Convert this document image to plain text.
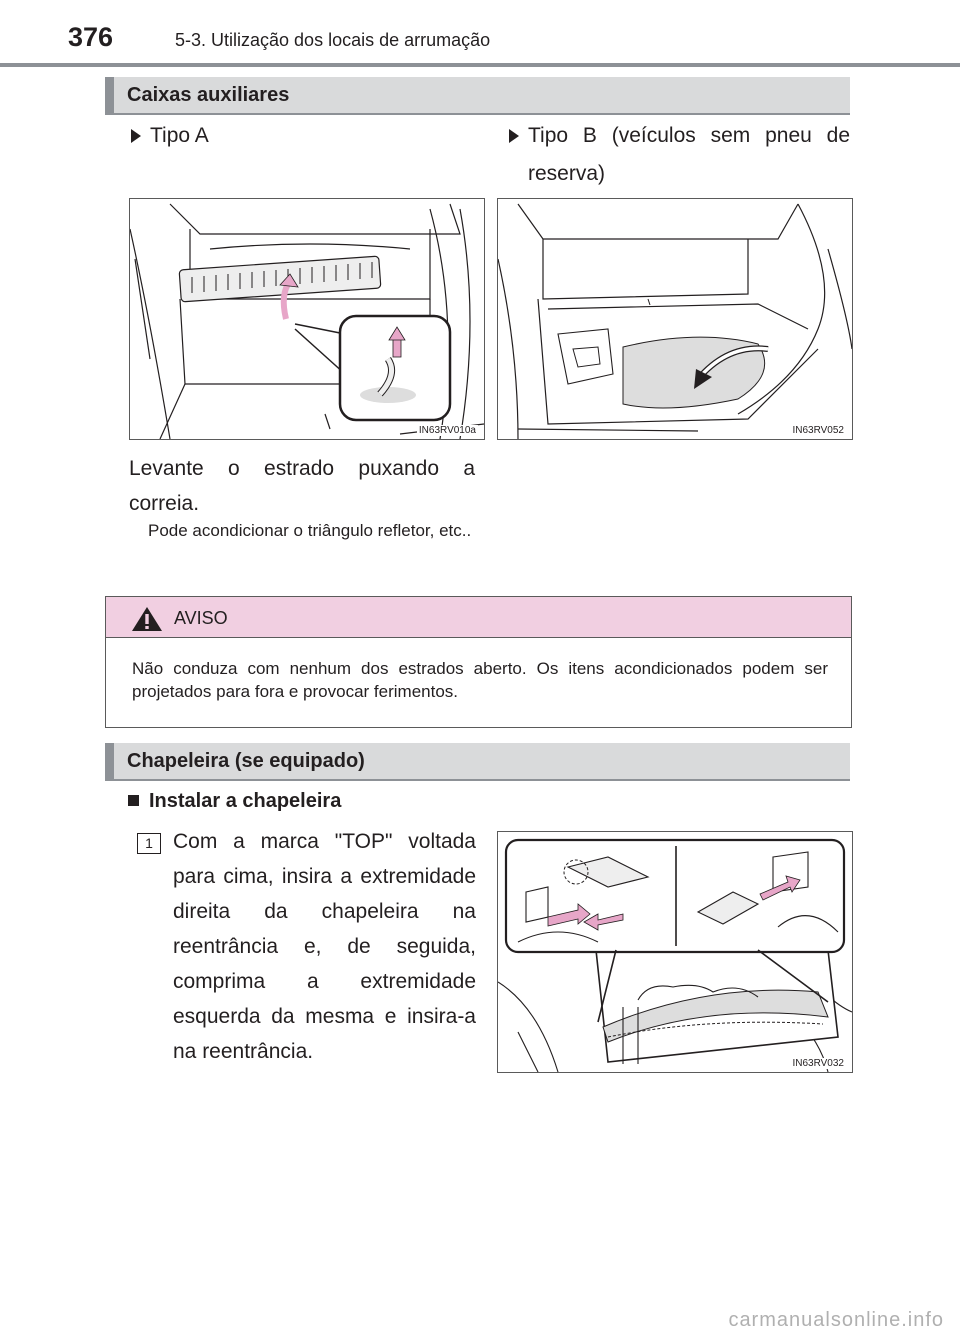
376	5-3. Utilização dos locais de arrumação
Caixas auxiliares
Tipo A	Tipo B (veículos sem pneu de reserva)
IN63RV010a	IN63RV052
Levante o estrado puxando a correia.
Pode acondicionar o triângulo refletor, etc..
AVISO
Não conduza com nenhum dos estrados aberto. Os itens acondicionados podem ser projetados para fora e provocar ferimentos.
Chapeleira (se equipado)
Instalar a chapeleira
1 Com a marca "TOP" voltada para cima, insira a extremidade direita da chapeleira na reentrância e, de seguida, comprima a extremidade esquerda da mesma e insira-a na reentrância.
IN63RV032
carmanualsonline.info
